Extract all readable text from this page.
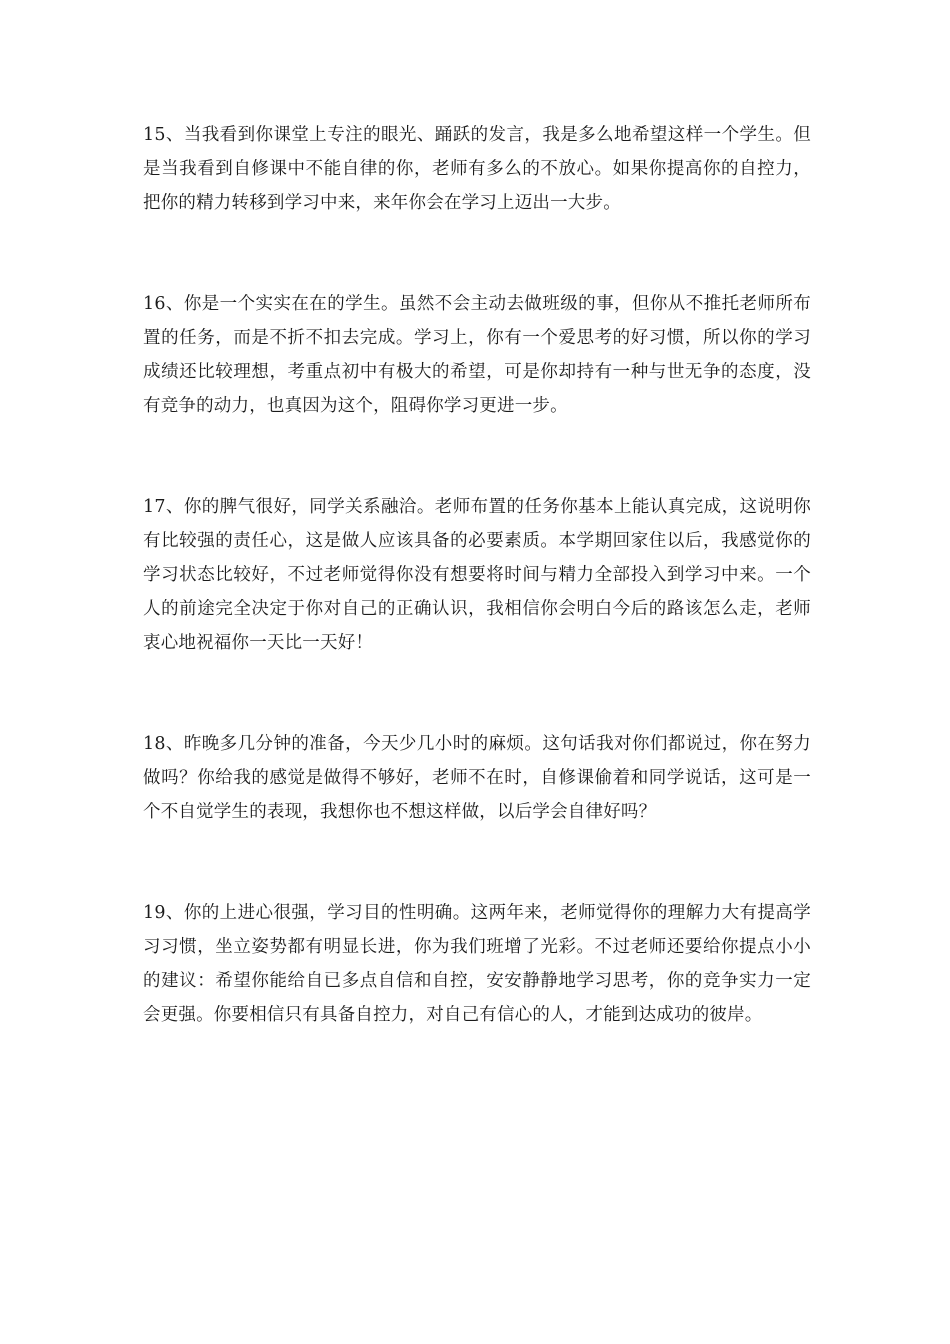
15、当我看到你课堂上专注的眼光、踊跃的发言，我是多么地希望这样一个学生。但是当我看到自修课中不能自律的你，老师有多么的不放心。如果你提高你的自控力，把你的精力转移到学习中来，来年你会在学习上迈出一大步。

16、你是一个实实在在的学生。虽然不会主动去做班级的事，但你从不推托老师所布置的任务，而是不折不扣去完成。学习上，你有一个爱思考的好习惯，所以你的学习成绩还比较理想，考重点初中有极大的希望，可是你却持有一种与世无争的态度，没有竞争的动力，也真因为这个，阻碍你学习更进一步。

17、你的脾气很好，同学关系融洽。老师布置的任务你基本上能认真完成，这说明你有比较强的责任心，这是做人应该具备的必要素质。本学期回家住以后，我感觉你的学习状态比较好，不过老师觉得你没有想要将时间与精力全部投入到学习中来。一个人的前途完全决定于你对自己的正确认识，我相信你会明白今后的路该怎么走，老师衷心地祝福你一天比一天好！

18、昨晚多几分钟的准备，今天少几小时的麻烦。这句话我对你们都说过，你在努力做吗？你给我的感觉是做得不够好，老师不在时，自修课偷着和同学说话，这可是一个不自觉学生的表现，我想你也不想这样做，以后学会自律好吗？

19、你的上进心很强，学习目的性明确。这两年来，老师觉得你的理解力大有提高学习习惯，坐立姿势都有明显长进，你为我们班增了光彩。不过老师还要给你提点小小的建议：希望你能给自已多点自信和自控，安安静静地学习思考，你的竞争实力一定会更强。你要相信只有具备自控力，对自己有信心的人，才能到达成功的彼岸。
